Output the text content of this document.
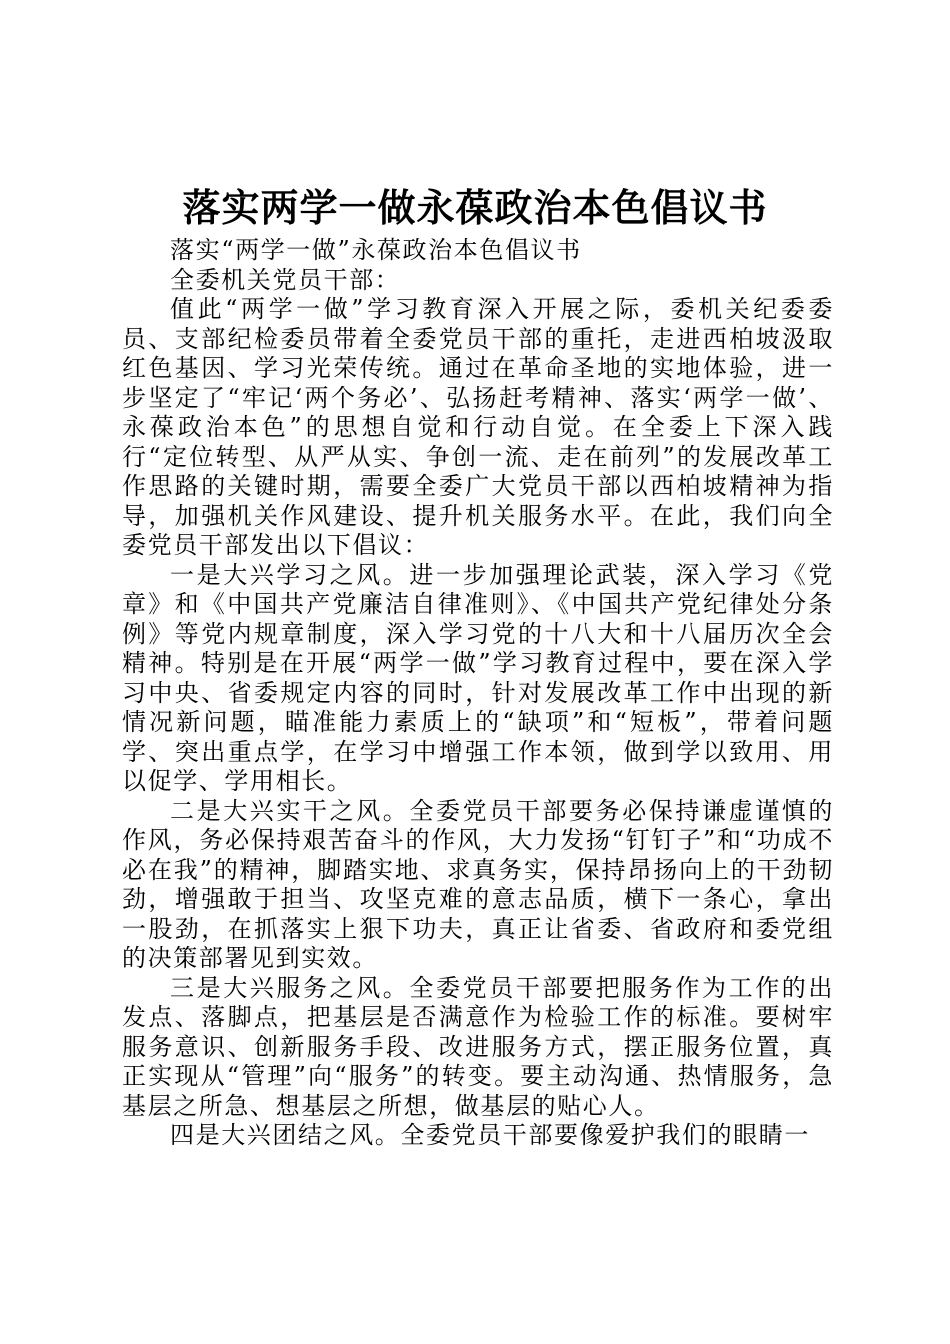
落实两学一做永葆政治本色倡议书

落实“两学一做”永葆政治本色倡议书

全委机关党员干部：

值此“两学一做”学习教育深入开展之际，委机关纪委委员、支部纪检委员带着全委党员干部的重托，走进西柏坡汲取红色基因、学习光荣传统。通过在革命圣地的实地体验，进一步坚定了“牢记‘两个务必’、弘扬赶考精神、落实‘两学一做’、永葆政治本色”的思想自觉和行动自觉。在全委上下深入践行“定位转型、从严从实、争创一流、走在前列”的发展改革工作思路的关键时期，需要全委广大党员干部以西柏坡精神为指导，加强机关作风建设、提升机关服务水平。在此，我们向全委党员干部发出以下倡议：

一是大兴学习之风。进一步加强理论武装，深入学习《党章》和《中国共产党廉洁自律准则》、《中国共产党纪律处分条例》等党内规章制度，深入学习党的十八大和十八届历次全会精神。特别是在开展“两学一做”学习教育过程中，要在深入学习中央、省委规定内容的同时，针对发展改革工作中出现的新情况新问题，瞄准能力素质上的“缺项”和“短板”，带着问题学、突出重点学，在学习中增强工作本领，做到学以致用、用以促学、学用相长。

二是大兴实干之风。全委党员干部要务必保持谦虚谨慎的作风，务必保持艰苦奋斗的作风，大力发扬“钉钉子”和“功成不必在我”的精神，脚踏实地、求真务实，保持昂扬向上的干劲韧劲，增强敢于担当、攻坚克难的意志品质，横下一条心，拿出一股劲，在抓落实上狠下功夫，真正让省委、省政府和委党组的决策部署见到实效。

三是大兴服务之风。全委党员干部要把服务作为工作的出发点、落脚点，把基层是否满意作为检验工作的标准。要树牢服务意识、创新服务手段、改进服务方式，摆正服务位置，真正实现从“管理”向“服务”的转变。要主动沟通、热情服务，急基层之所急、想基层之所想，做基层的贴心人。

四是大兴团结之风。全委党员干部要像爱护我们的眼睛一
